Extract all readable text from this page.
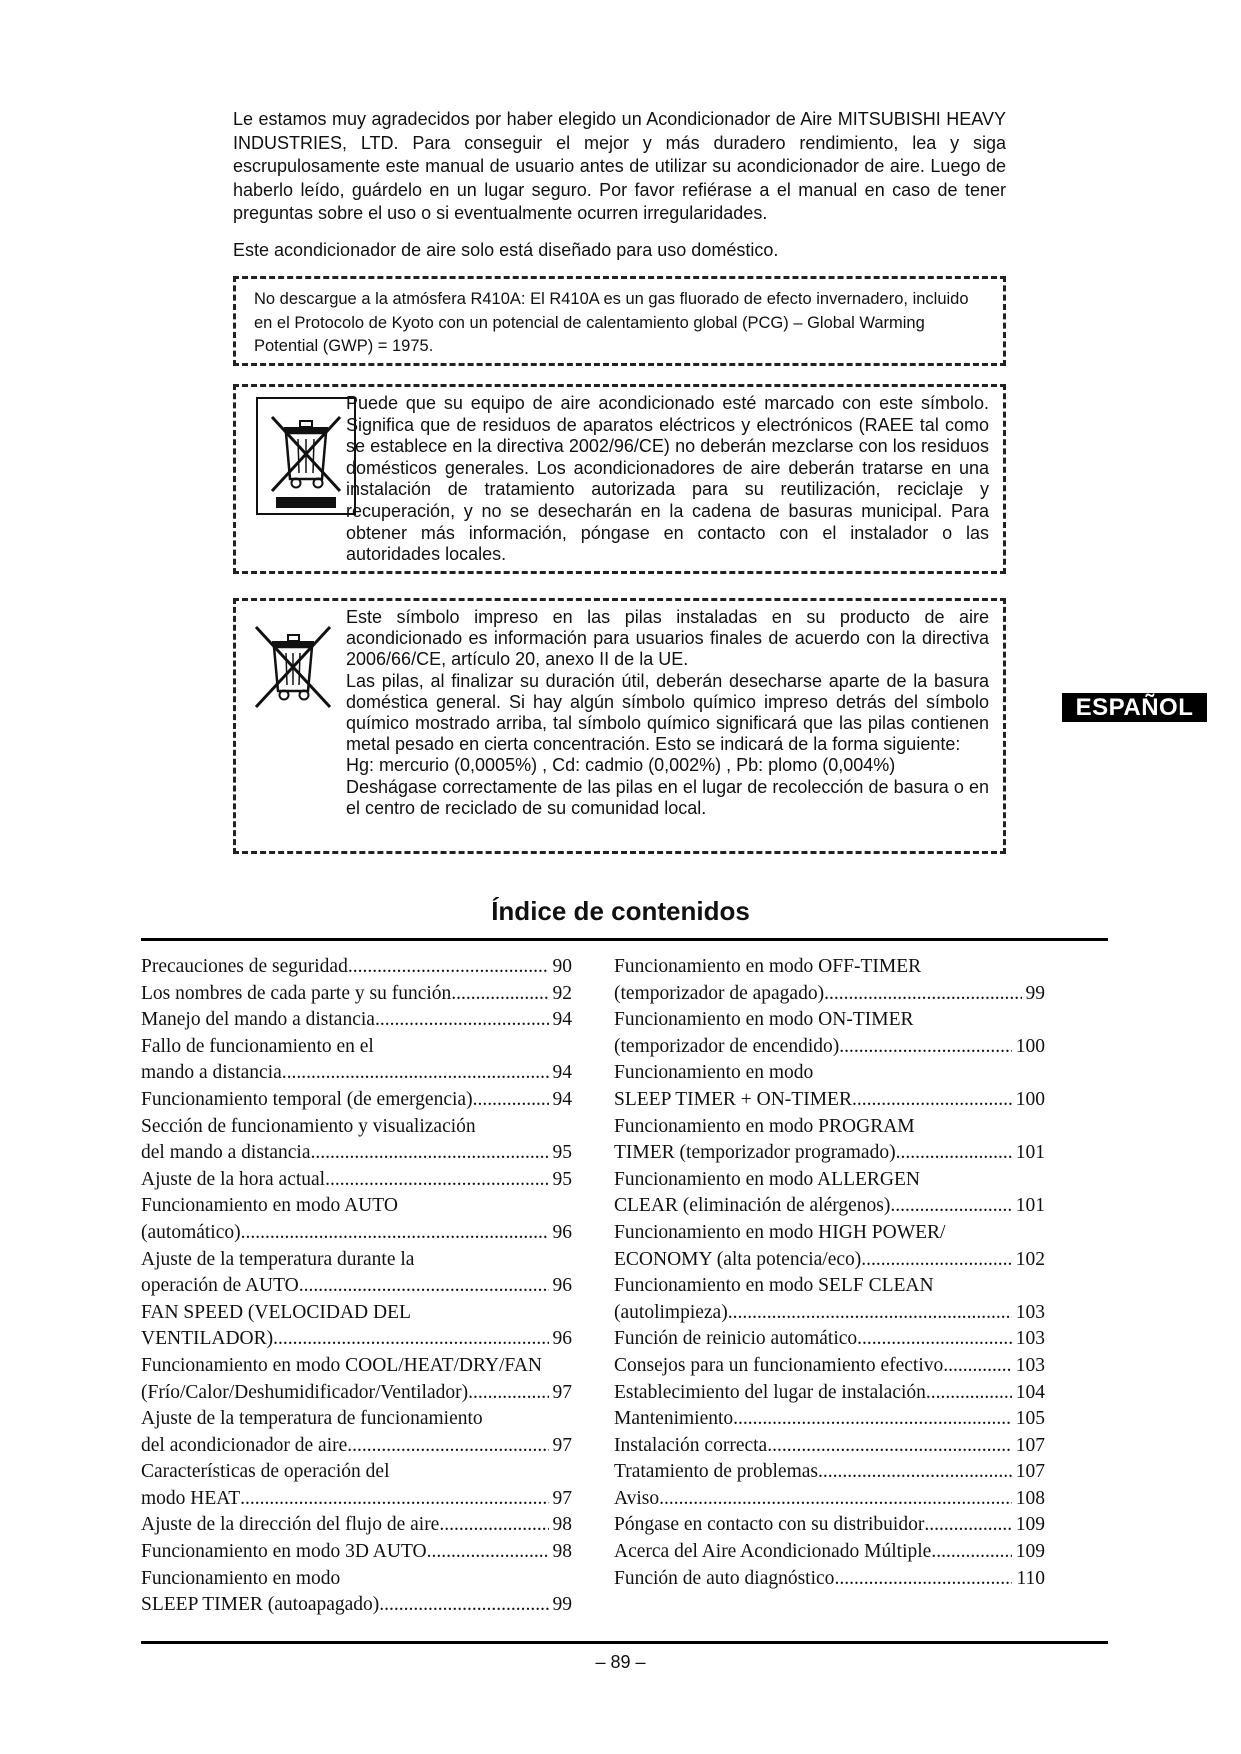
Le estamos muy agradecidos por haber elegido un Acondicionador de Aire MITSUBISHI HEAVY INDUSTRIES, LTD. Para conseguir el mejor y más duradero rendimiento, lea y siga escrupulosamente este manual de usuario antes de utilizar su acondicionador de aire. Luego de haberlo leído, guárdelo en un lugar seguro. Por favor refiérase a el manual en caso de tener preguntas sobre el uso o si eventualmente ocurren irregularidades.

Este acondicionador de aire solo está diseñado para uso doméstico.
No descargue a la atmósfera R410A: El R410A es un gas fluorado de efecto invernadero, incluido en el Protocolo de Kyoto con un potencial de calentamiento global (PCG) – Global Warming Potential (GWP) = 1975.

Puede que su equipo de aire acondicionado esté marcado con este símbolo. Significa que de residuos de aparatos eléctricos y electrónicos (RAEE tal como se establece en la directiva 2002/96/CE) no deberán mezclarse con los residuos domésticos generales. Los acondicionadores de aire deberán tratarse en una instalación de tratamiento autorizada para su reutilización, reciclaje y recuperación, y no se desecharán en la cadena de basuras municipal. Para obtener más información, póngase en contacto con el instalador o las autoridades locales.

Este símbolo impreso en las pilas instaladas en su producto de aire acondicionado es información para usuarios finales de acuerdo con la directiva 2006/66/CE, artículo 20, anexo II de la UE.

Las pilas, al finalizar su duración útil, deberán desecharse aparte de la basura doméstica general. Si hay algún símbolo químico impreso detrás del símbolo químico mostrado arriba, tal símbolo químico significará que las pilas contienen metal pesado en cierta concentración. Esto se indicará de la forma siguiente:

Hg: mercurio (0,0005%) , Cd: cadmio (0,002%) , Pb: plomo (0,004%)

Deshágase correctamente de las pilas en el lugar de recolección de basura o en el centro de reciclado de su comunidad local.

ESPAÑOL
Índice de contenidos
Precauciones de seguridad .....	90
Los nombres de cada parte y su función .....	92
Manejo del mando a distancia .....	94
Fallo de funcionamiento en el
mando a distancia .....	94
Funcionamiento temporal (de emergencia) .....	94
Sección de funcionamiento y visualización
del mando a distancia .....	95
Ajuste de la hora actual .....	95
Funcionamiento en modo AUTO
(automático) .....	96
Ajuste de la temperatura durante la
operación de AUTO .....	96
FAN SPEED (VELOCIDAD DEL
VENTILADOR) .....	96
Funcionamiento en modo COOL/HEAT/DRY/FAN
(Frío/Calor/Deshumidificador/Ventilador) .....	97
Ajuste de la temperatura de funcionamiento
del acondicionador de aire .....	97
Características de operación del
modo HEAT .....	97
Ajuste de la dirección del flujo de aire .....	98
Funcionamiento en modo 3D AUTO .....	98
Funcionamiento en modo
SLEEP TIMER (autoapagado) .....	99
Funcionamiento en modo OFF-TIMER
(temporizador de apagado) .....	99
Funcionamiento en modo ON-TIMER
(temporizador de encendido) .....	100
Funcionamiento en modo
SLEEP TIMER + ON-TIMER .....	100
Funcionamiento en modo PROGRAM
TIMER (temporizador programado) .....	101
Funcionamiento en modo ALLERGEN
CLEAR (eliminación de alérgenos) .....	101
Funcionamiento en modo HIGH POWER/
ECONOMY (alta potencia/eco) .....	102
Funcionamiento en modo SELF CLEAN
(autolimpieza) .....	103
Función de reinicio automático .....	103
Consejos para un funcionamiento efectivo .....	103
Establecimiento del lugar de instalación .....	104
Mantenimiento .....	105
Instalación correcta .....	107
Tratamiento de problemas .....	107
Aviso .....	108
Póngase en contacto con su distribuidor .....	109
Acerca del Aire Acondicionado Múltiple .....	109
Función de auto diagnóstico .....	110
– 89 –
